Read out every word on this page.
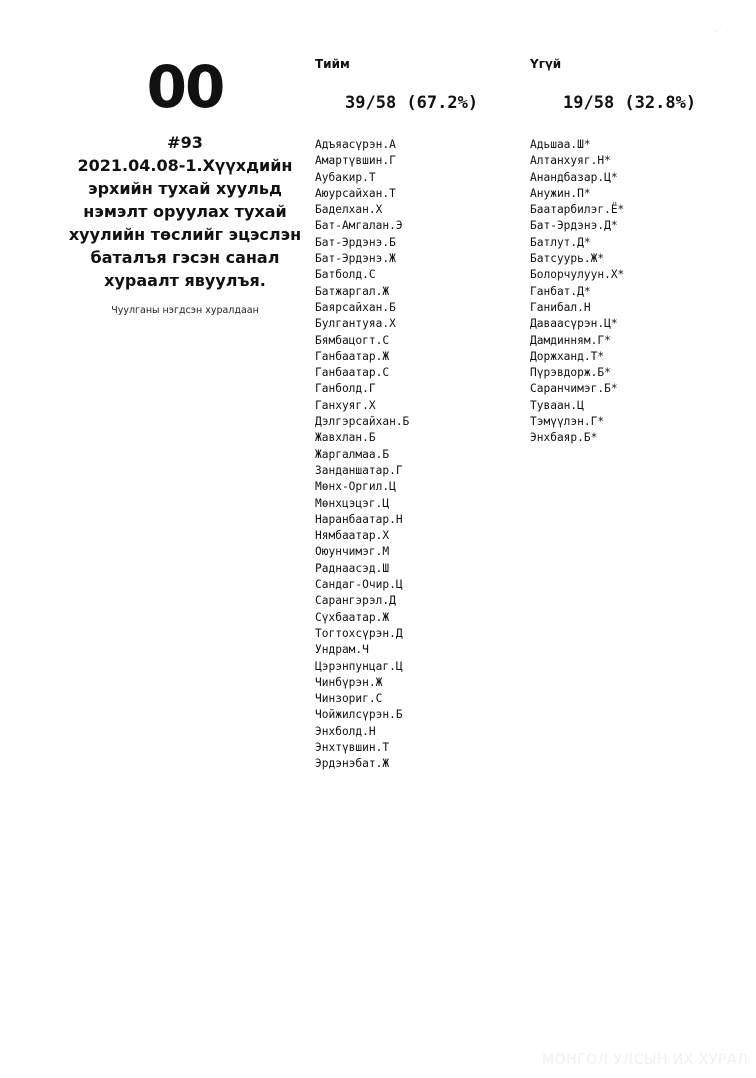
· ·
00
#93
2021.04.08-1.Хүүхдийн
эрхийн тухай хуульд
нэмэлт оруулах тухай
хуулийн төслийг эцэслэн
баталъя гэсэн санал
хураалт явуулъя.
Чуулганы нэгдсэн хуралдаан
Тийм
39/58 (67.2%)
Адъяасүрэн.А
Амартүвшин.Г
Аубакир.Т
Аюурсайхан.Т
Баделхан.Х
Бат-Амгалан.Э
Бат-Эрдэнэ.Б
Бат-Эрдэнэ.Ж
Батболд.С
Батжаргал.Ж
Баярсайхан.Б
Булгантуяа.Х
Бямбацогт.С
Ганбаатар.Ж
Ганбаатар.С
Ганболд.Г
Ганхуяг.Х
Дэлгэрсайхан.Б
Жавхлан.Б
Жаргалмаа.Б
Занданшатар.Г
Мөнх-Оргил.Ц
Мөнхцэцэг.Ц
Наранбаатар.Н
Нямбаатар.Х
Оюунчимэг.М
Раднаасэд.Ш
Сандаг-Очир.Ц
Сарангэрэл.Д
Сүхбаатар.Ж
Тогтохсүрэн.Д
Ундрам.Ч
Цэрэнпунцаг.Ц
Чинбүрэн.Ж
Чинзориг.С
Чойжилсүрэн.Б
Энхболд.Н
Энхтүвшин.Т
Эрдэнэбат.Ж
Үгүй
19/58 (32.8%)
Адьшаа.Ш*
Алтанхуяг.Н*
Анандбазар.Ц*
Анужин.П*
Баатарбилэг.Ё*
Бат-Эрдэнэ.Д*
Батлут.Д*
Батсуурь.Ж*
Болорчулуун.Х*
Ганбат.Д*
Ганибал.Н
Даваасүрэн.Ц*
Дамдинням.Г*
Доржханд.Т*
Пүрэвдорж.Б*
Саранчимэг.Б*
Туваан.Ц
Тэмүүлэн.Г*
Энхбаяр.Б*
МОНГОЛ УЛСЫН ИХ ХУРАЛ
